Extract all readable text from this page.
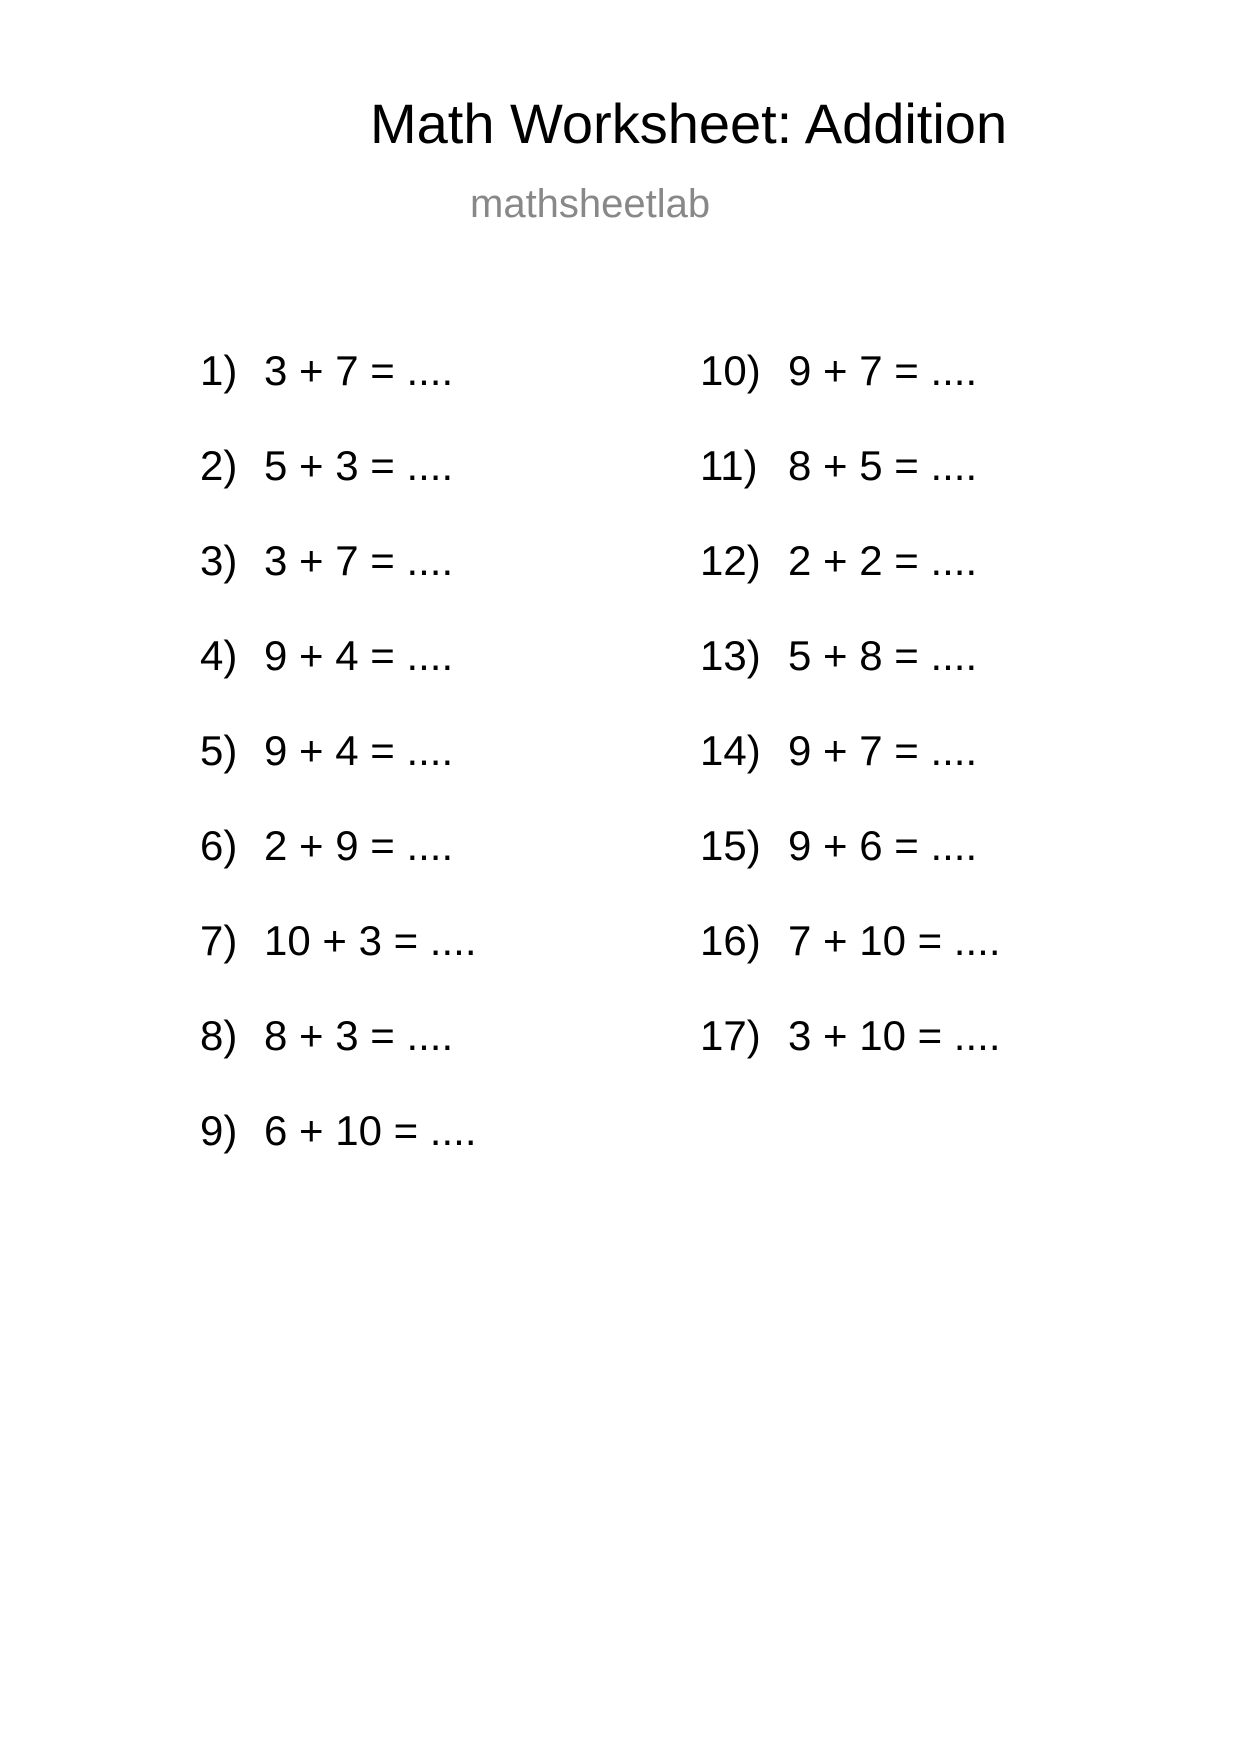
Math Worksheet: Addition
mathsheetlab
1) 3 + 7 = ....
2) 5 + 3 = ....
3) 3 + 7 = ....
4) 9 + 4 = ....
5) 9 + 4 = ....
6) 2 + 9 = ....
7) 10 + 3 = ....
8) 8 + 3 = ....
9) 6 + 10 = ....
10) 9 + 7 = ....
11) 8 + 5 = ....
12) 2 + 2 = ....
13) 5 + 8 = ....
14) 9 + 7 = ....
15) 9 + 6 = ....
16) 7 + 10 = ....
17) 3 + 10 = ....
